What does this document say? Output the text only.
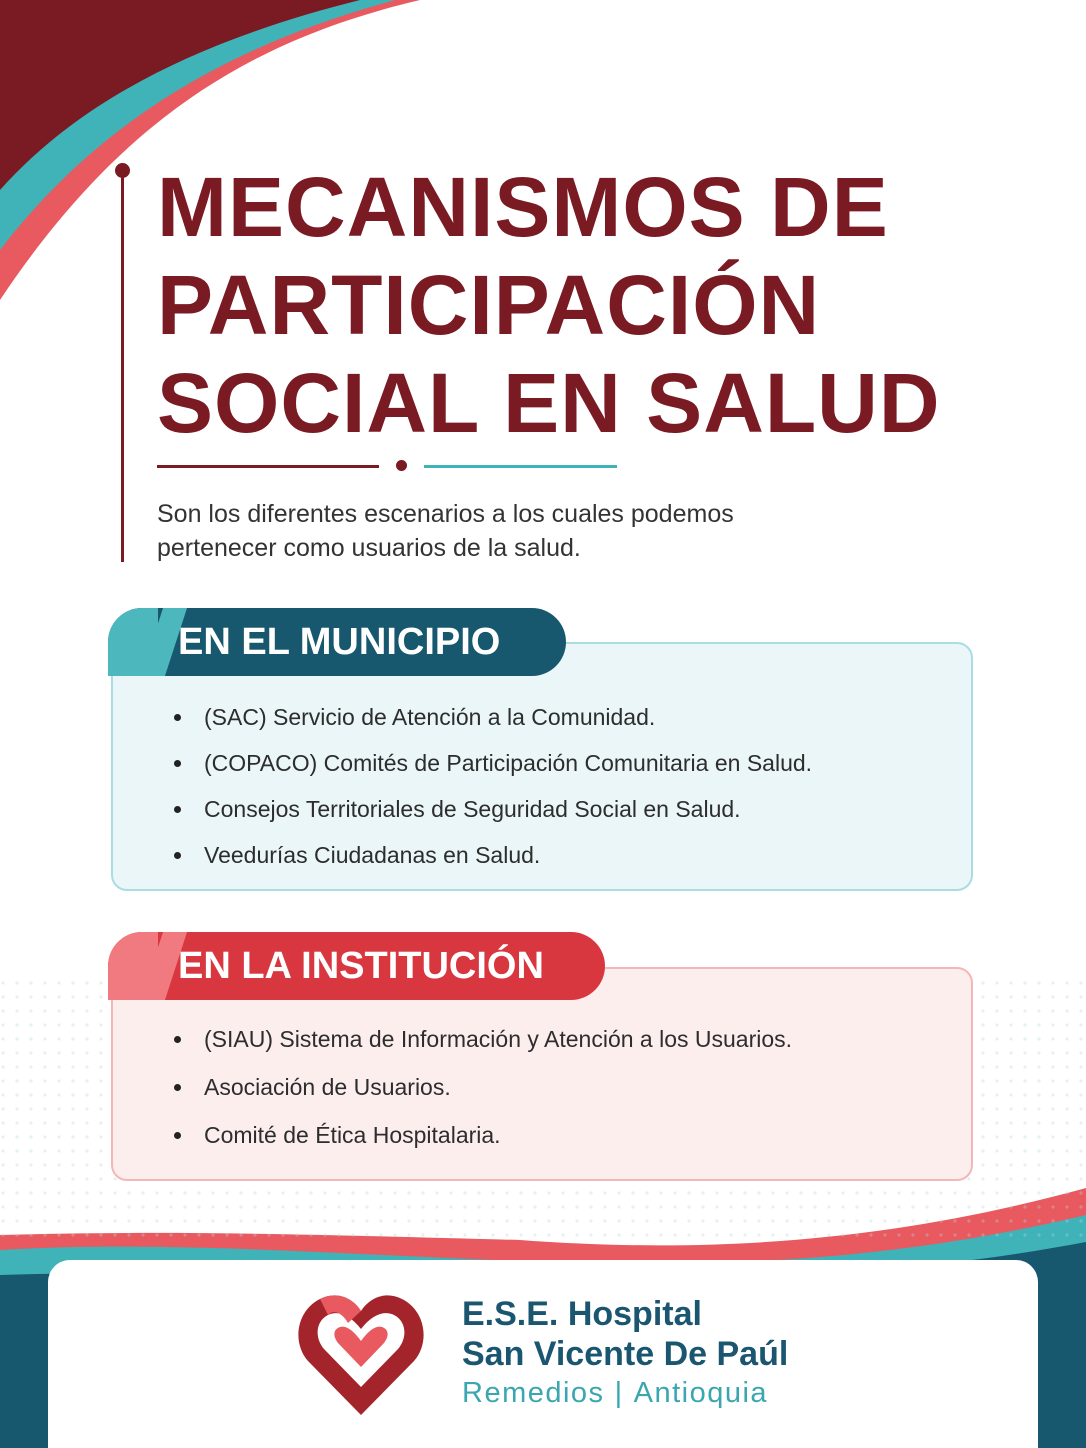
MECANISMOS DE
PARTICIPACIÓN
SOCIAL EN SALUD

Son los diferentes escenarios a los cuales podemos
pertenecer como usuarios de la salud.

EN EL MUNICIPIO
(SAC) Servicio de Atención a la Comunidad.
(COPACO) Comités de Participación Comunitaria en Salud.
Consejos Territoriales de Seguridad Social en Salud.
Veedurías Ciudadanas en Salud.
EN LA INSTITUCIÓN
(SIAU) Sistema de Información y Atención a los Usuarios.
Asociación de Usuarios.
Comité de Ética Hospitalaria.
E.S.E. Hospital
San Vicente De Paúl

Remedios | Antioquia
